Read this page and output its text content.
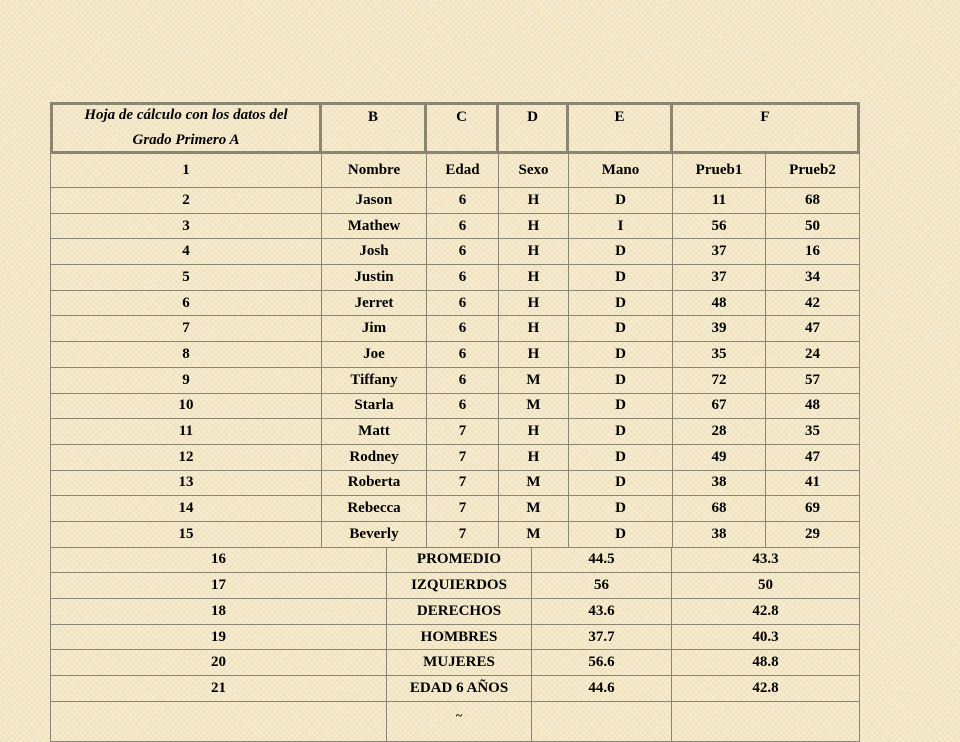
Hoja de cálculo con los datos del
Grado Primero A
B	C	D	E	F
1	Nombre	Edad	Sexo	Mano	Prueb1	Prueb2
2	Jason	6	H	D	11	68
3	Mathew	6	H	I	56	50
4	Josh	6	H	D	37	16
5	Justin	6	H	D	37	34
6	Jerret	6	H	D	48	42
7	Jim	6	H	D	39	47
8	Joe	6	H	D	35	24
9	Tiffany	6	M	D	72	57
10	Starla	6	M	D	67	48
11	Matt	7	H	D	28	35
12	Rodney	7	H	D	49	47
13	Roberta	7	M	D	38	41
14	Rebecca	7	M	D	68	69
15	Beverly	7	M	D	38	29
16	PROMEDIO	44.5	43.3
17	IZQUIERDOS	56	50
18	DERECHOS	43.6	42.8
19	HOMBRES	37.7	40.3
20	MUJERES	56.6	48.8
21	EDAD 6 AÑOS	44.6	42.8
~
